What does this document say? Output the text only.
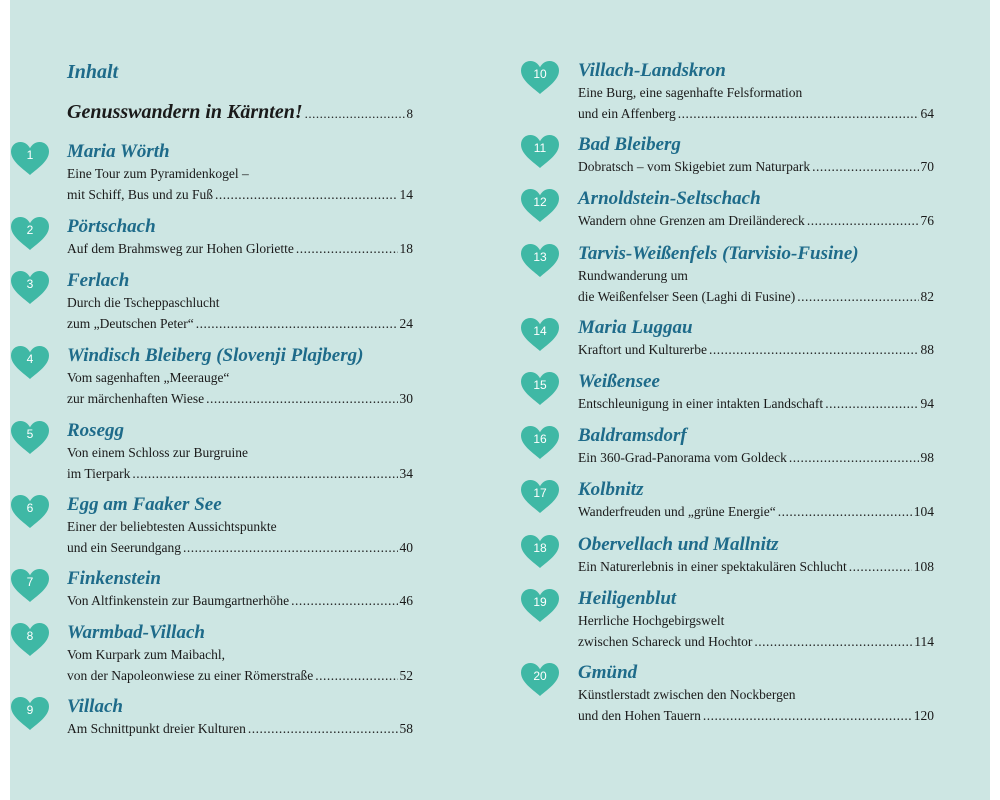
Inhalt
Genusswandern in Kärnten! .....	8
1	Maria Wörth
Eine Tour zum Pyramidenkogel –
mit Schiff, Bus und zu Fuß .....	14
2	Pörtschach
Auf dem Brahmsweg zur Hohen Gloriette .....	18
3	Ferlach
Durch die Tscheppaschlucht
zum „Deutschen Peter“ .....	24
4	Windisch Bleiberg (Slovenji Plajberg)
Vom sagenhaften „Meerauge“
zur märchenhaften Wiese .....	30
5	Rosegg
Von einem Schloss zur Burgruine
im Tierpark .....	34
6	Egg am Faaker See
Einer der beliebtesten Aussichtspunkte
und ein Seerundgang .....	40
7	Finkenstein
Von Altfinkenstein zur Baumgartnerhöhe .....	46
8	Warmbad-Villach
Vom Kurpark zum Maibachl,
von der Napoleonwiese zu einer Römerstraße .....	52
9	Villach
Am Schnittpunkt dreier Kulturen .....	58
10	Villach-Landskron
Eine Burg, eine sagenhafte Felsformation
und ein Affenberg .....	64
11	Bad Bleiberg
Dobratsch – vom Skigebiet zum Naturpark .....	70
12	Arnoldstein-Seltschach
Wandern ohne Grenzen am Dreiländereck .....	76
13	Tarvis-Weißenfels (Tarvisio-Fusine)
Rundwanderung um
die Weißenfelser Seen (Laghi di Fusine) .....	82
14	Maria Luggau
Kraftort und Kulturerbe .....	88
15	Weißensee
Entschleunigung in einer intakten Landschaft .....	94
16	Baldramsdorf
Ein 360-Grad-Panorama vom Goldeck .....	98
17	Kolbnitz
Wanderfreuden und „grüne Energie“ .....	104
18	Obervellach und Mallnitz
Ein Naturerlebnis in einer spektakulären Schlucht .....	108
19	Heiligenblut
Herrliche Hochgebirgswelt
zwischen Schareck und Hochtor .....	114
20	Gmünd
Künstlerstadt zwischen den Nockbergen
und den Hohen Tauern .....	120
